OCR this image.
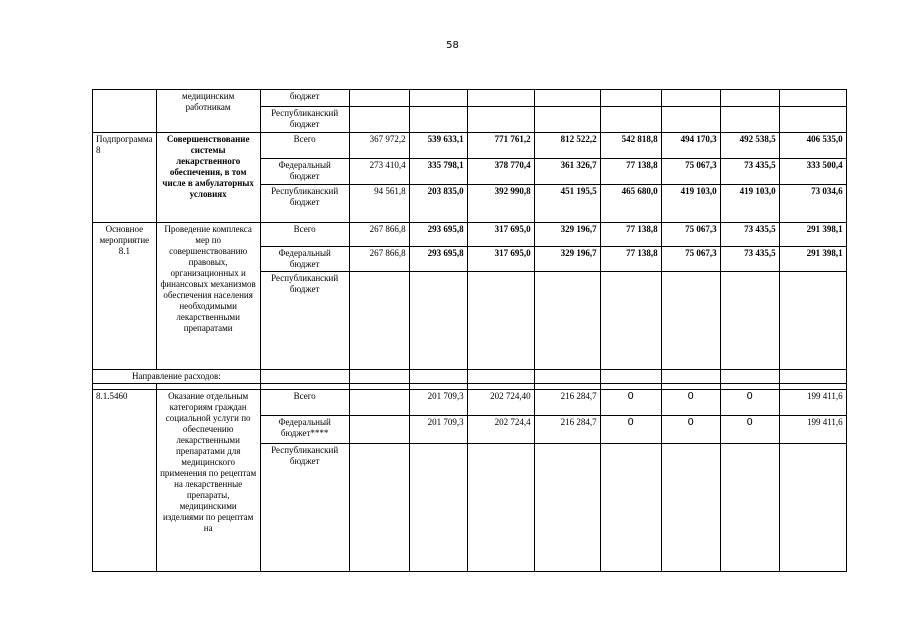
58
	медицинским работникам	бюджет								
		Республиканский бюджет								
Подпрограмма 8	Совершенствование системы лекарственного обеспечения, в том числе в амбулаторных условиях	Всего	367 972,2	539 633,1	771 761,2	812 522,2	542 818,8	494 170,3	492 538,5	406 535,0
		Федеральный бюджет	273 410,4	335 798,1	378 770,4	361 326,7	77 138,8	75 067,3	73 435,5	333 500,4
		Республиканский бюджет	94 561,8	203 835,0	392 990,8	451 195,5	465 680,0	419 103,0	419 103,0	73 034,6
Основное мероприятие 8.1	Проведение комплекса мер по совершенствованию правовых, организационных и финансовых механизмов обеспечения населения необходимыми лекарственными препаратами	Всего	267 866,8	293 695,8	317 695,0	329 196,7	77 138,8	75 067,3	73 435,5	291 398,1
		Федеральный бюджет	267 866,8	293 695,8	317 695,0	329 196,7	77 138,8	75 067,3	73 435,5	291 398,1
		Республиканский бюджет								
Направление расходов:										

8.1.5460	Оказание отдельным категориям граждан социальной услуги по обеспечению лекарственными препаратами для медицинского применения по рецептам на лекарственные препараты, медицинскими изделиями по рецептам на	Всего		201 709,3	202 724,40	216 284,7	0	0	0	199 411,6
		Федеральный бюджет****		201 709,3	202 724,4	216 284,7	0	0	0	199 411,6
		Республиканский бюджет								
